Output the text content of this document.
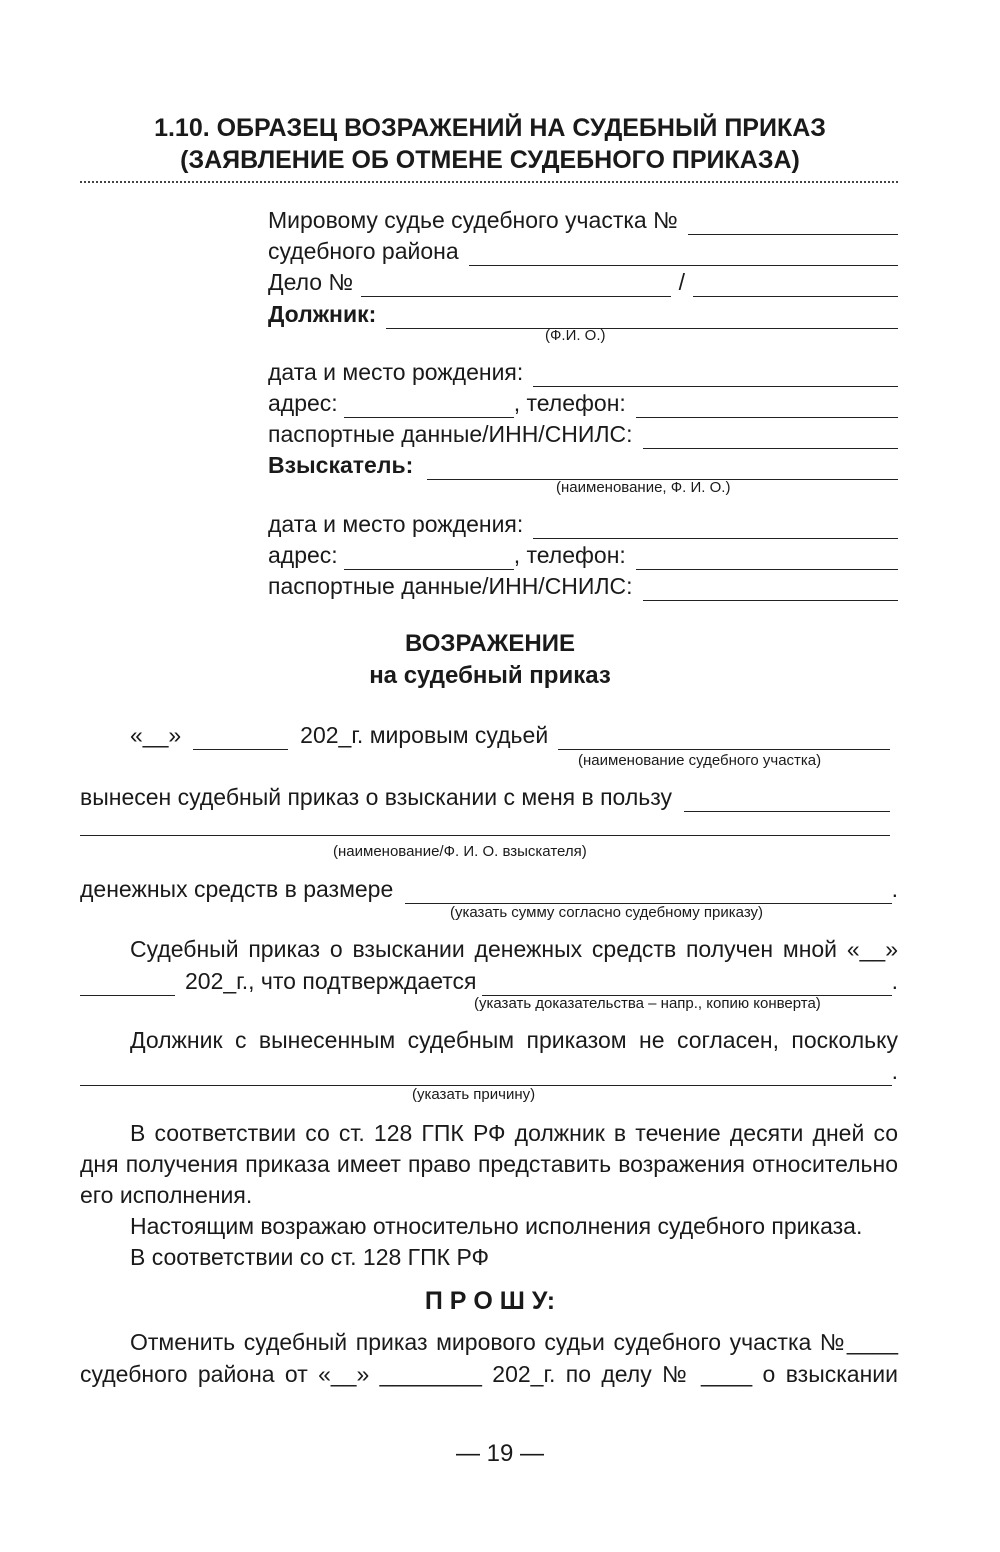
1.10. ОБРАЗЕЦ ВОЗРАЖЕНИЙ НА СУДЕБНЫЙ ПРИКАЗ
(ЗАЯВЛЕНИЕ ОБ ОТМЕНЕ СУДЕБНОГО ПРИКАЗА)
Мировому судье судебного участка №
судебного района
Дело №	/
Должник:
(Ф.И. О.)
дата и место рождения:
адрес:	, телефон:
паспортные данные/ИНН/СНИЛС:
Взыскатель:
(наименование, Ф. И. О.)
дата и место рождения:
адрес:	, телефон:
паспортные данные/ИНН/СНИЛС:
ВОЗРАЖЕНИЕ
на судебный приказ
«__»	202_г. мировым судьей
(наименование судебного участка)
вынесен судебный приказ о взыскании с меня в пользу
(наименование/Ф. И. О. взыскателя)
денежных средств в размере	.
(указать сумму согласно судебному приказу)
Судебный приказ о взыскании денежных средств получен мной «__»
202_г., что подтверждается	.
(указать доказательства – напр., копию конверта)
Должник с вынесенным судебным приказом не согласен, поскольку
.
(указать причину)
В соответствии со ст. 128 ГПК РФ должник в течение десяти дней со дня получения приказа имеет право представить возражения относительно его исполнения.
Настоящим возражаю относительно исполнения судебного приказа.
В соответствии со ст. 128 ГПК РФ
П Р О Ш У:
Отменить судебный приказ мирового судьи судебного участка №____
судебного района от «__» ________ 202_г. по делу № ____ о взыскании
— 19 —
